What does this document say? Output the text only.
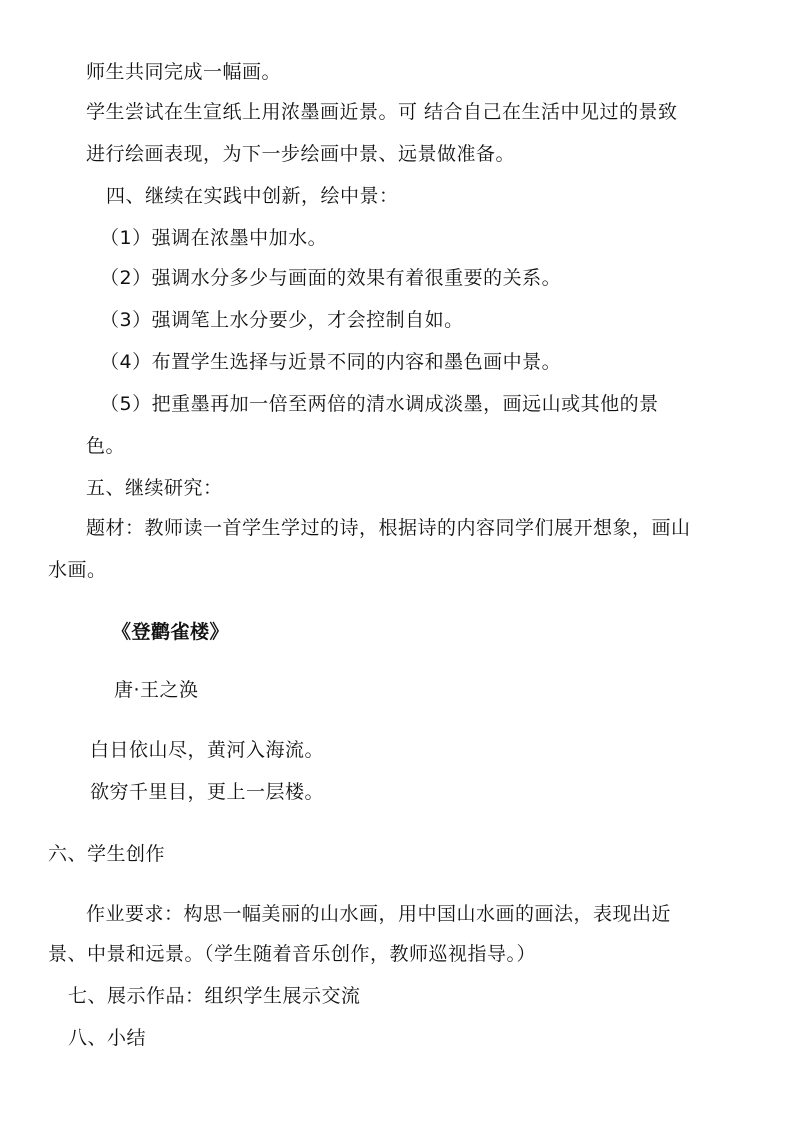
师生共同完成一幅画。
学生尝试在生宣纸上用浓墨画近景。可 结合自己在生活中见过的景致
进行绘画表现，为下一步绘画中景、远景做准备。
四、继续在实践中创新，绘中景：
（1）强调在浓墨中加水。
（2）强调水分多少与画面的效果有着很重要的关系。
（3）强调笔上水分要少，才会控制自如。
（4）布置学生选择与近景不同的内容和墨色画中景。
（5）把重墨再加一倍至两倍的清水调成淡墨，画远山或其他的景
色。
五、继续研究：
题材：教师读一首学生学过的诗，根据诗的内容同学们展开想象，画山
水画。
《登鹳雀楼》
唐·王之涣
白日依山尽，黄河入海流。
欲穷千里目，更上一层楼。
六、学生创作
作业要求：构思一幅美丽的山水画，用中国山水画的画法，表现出近
景、中景和远景。（学生随着音乐创作，教师巡视指导。）
七、展示作品：组织学生展示交流
八、小结
